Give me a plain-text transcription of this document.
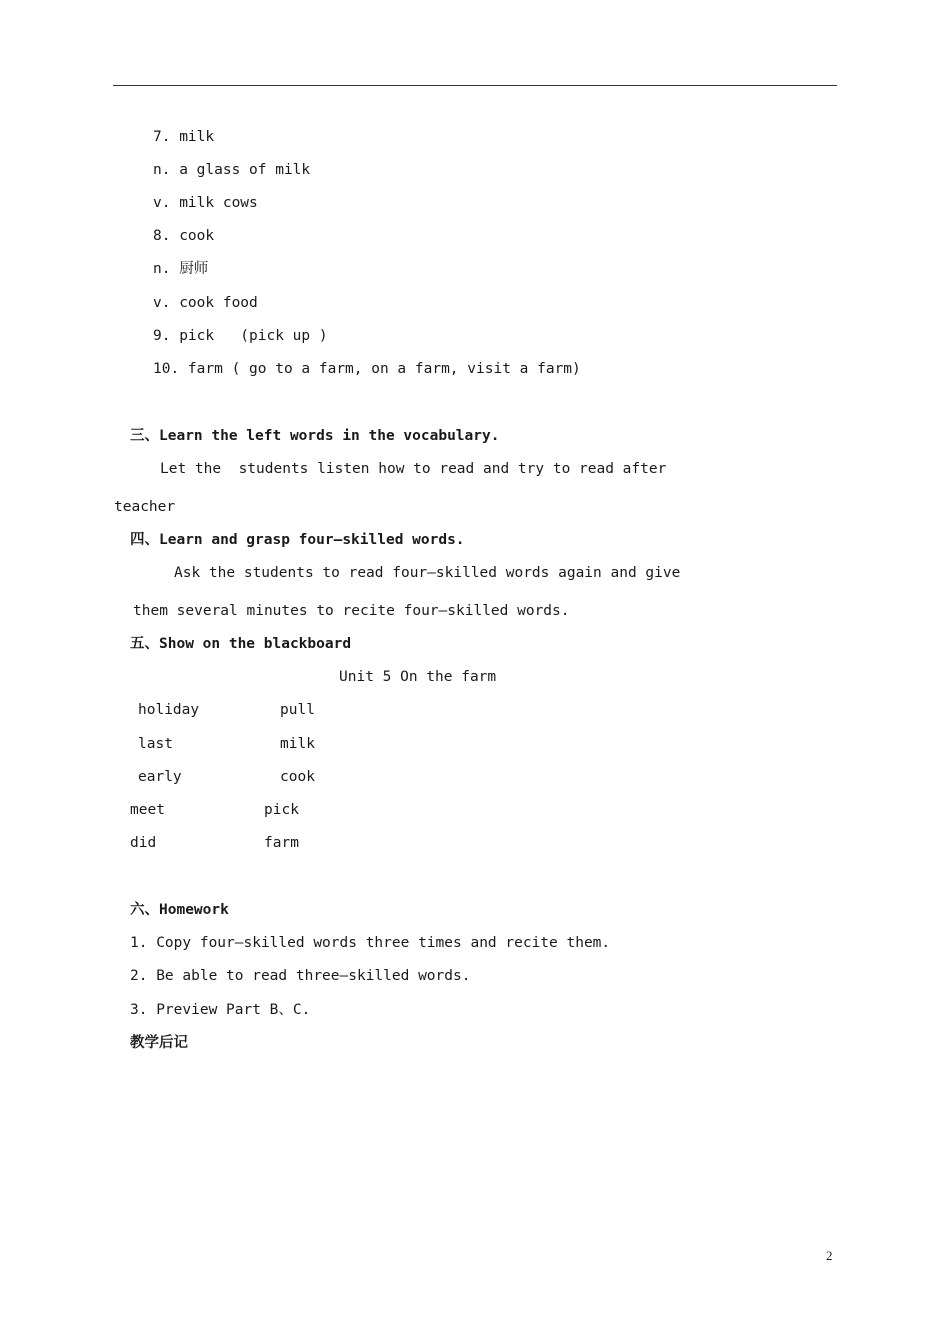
7. milk
n. a glass of milk
v. milk cows
8. cook
n. 厨师
v. cook food
9. pick   (pick up )
10. farm ( go to a farm, on a farm, visit a farm)
三、Learn the left words in the vocabulary.
Let the  students listen how to read and try to read after
teacher
四、Learn and grasp four—skilled words.
Ask the students to read four—skilled words again and give
them several minutes to recite four—skilled words.
五、Show on the blackboard
Unit 5 On the farm
holiday	pull
last	milk
early	cook
meet	pick
did	farm
六、Homework
1. Copy four—skilled words three times and recite them.
2. Be able to read three—skilled words.
3. Preview Part B、C.
教学后记
2
